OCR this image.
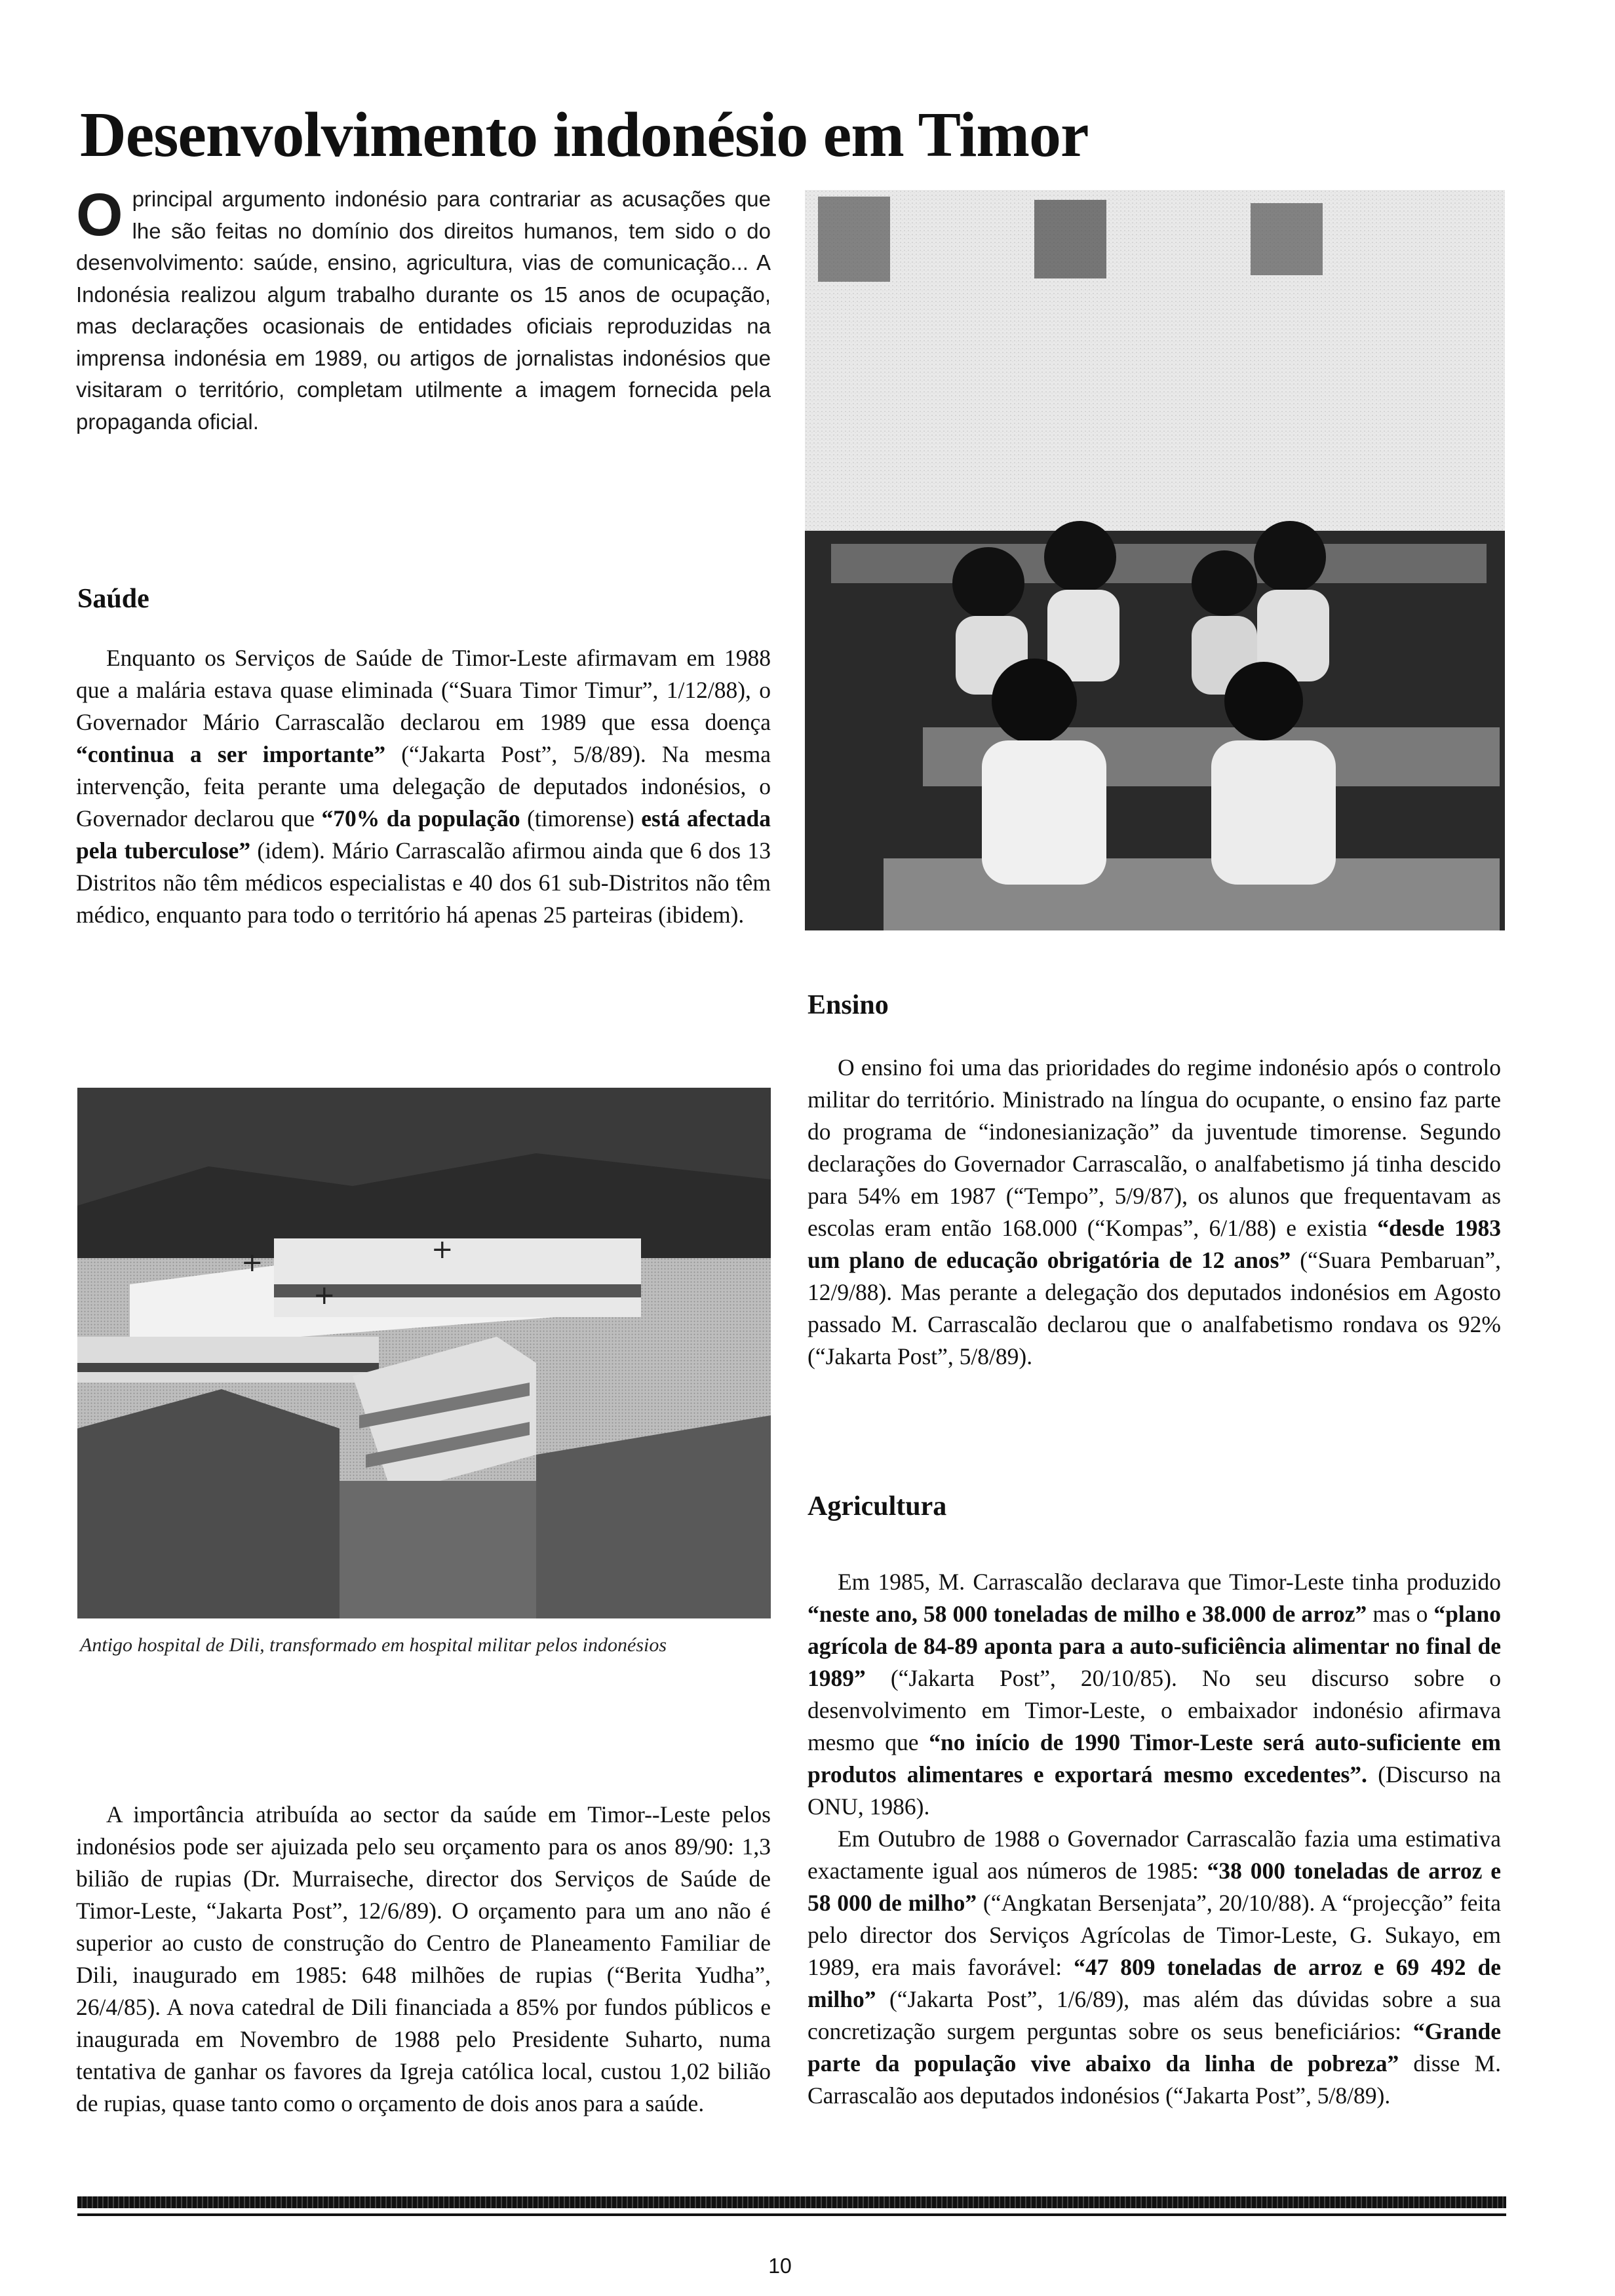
Desenvolvimento indonésio em Timor
Oprincipal argumento indonésio para contrariar as acusações que lhe são feitas no domínio dos direitos humanos, tem sido o do desenvolvimento: saúde, ensino, agricultura, vias de comunicação... A Indonésia realizou algum trabalho durante os 15 anos de ocupação, mas declarações ocasionais de entidades oficiais reproduzidas na imprensa indonésia em 1989, ou artigos de jornalistas indonésios que visitaram o território, completam utilmente a imagem fornecida pela propaganda oficial.
Saúde

Enquanto os Serviços de Saúde de Timor-Leste afirmavam em 1988 que a malária estava quase eliminada (“Suara Timor Timur”, 1/12/88), o Governador Mário Carrascalão declarou em 1989 que essa doença “continua a ser importante” (“Jakarta Post”, 5/8/89). Na mesma intervenção, feita perante uma delegação de deputados indonésios, o Governador declarou que “70% da população (timorense) está afectada pela tuberculose” (idem). Mário Carrascalão afirmou ainda que 6 dos 13 Distritos não têm médicos especialistas e 40 dos 61 sub-Distritos não têm médico, enquanto para todo o território há apenas 25 parteiras (ibidem).

Ensino

O ensino foi uma das prioridades do regime indonésio após o controlo militar do território. Ministrado na língua do ocupante, o ensino faz parte do programa de “indonesianização” da juventude timorense. Segundo declarações do Governador Carrascalão, o analfabetismo já tinha descido para 54% em 1987 (“Tempo”, 5/9/87), os alunos que frequentavam as escolas eram então 168.000 (“Kompas”, 6/1/88) e existia “desde 1983 um plano de educação obrigatória de 12 anos” (“Suara Pembaruan”, 12/9/88). Mas perante a delegação dos deputados indonésios em Agosto passado M. Carrascalão declarou que o analfabetismo rondava os 92% (“Jakarta Post”, 5/8/89).

+	+
+
Antigo hospital de Dili, transformado em hospital militar pelos indonésios

A importância atribuída ao sector da saúde em Timor--Leste pelos indonésios pode ser ajuizada pelo seu orçamento para os anos 89/90: 1,3 bilião de rupias (Dr. Murraiseche, director dos Serviços de Saúde de Timor-Leste, “Jakarta Post”, 12/6/89). O orçamento para um ano não é superior ao custo de construção do Centro de Planeamento Familiar de Dili, inaugurado em 1985: 648 milhões de rupias (“Berita Yudha”, 26/4/85). A nova catedral de Dili financiada a 85% por fundos públicos e inaugurada em Novembro de 1988 pelo Presidente Suharto, numa tentativa de ganhar os favores da Igreja católica local, custou 1,02 bilião de rupias, quase tanto como o orçamento de dois anos para a saúde.

Agricultura

Em 1985, M. Carrascalão declarava que Timor-Leste tinha produzido “neste ano, 58 000 toneladas de milho e 38.000 de arroz” mas o “plano agrícola de 84-89 aponta para a auto-suficiência alimentar no final de 1989” (“Jakarta Post”, 20/10/85). No seu discurso sobre o desenvolvimento em Timor-Leste, o embaixador indonésio afirmava mesmo que “no início de 1990 Timor-Leste será auto-suficiente em produtos alimentares e exportará mesmo excedentes”. (Discurso na ONU, 1986).

Em Outubro de 1988 o Governador Carrascalão fazia uma estimativa exactamente igual aos números de 1985: “38 000 toneladas de arroz e 58 000 de milho” (“Angkatan Bersenjata”, 20/10/88). A “projecção” feita pelo director dos Serviços Agrícolas de Timor-Leste, G. Sukayo, em 1989, era mais favorável: “47 809 toneladas de arroz e 69 492 de milho” (“Jakarta Post”, 1/6/89), mas além das dúvidas sobre a sua concretização surgem perguntas sobre os seus beneficiários: “Grande parte da população vive abaixo da linha de pobreza” disse M. Carrascalão aos deputados indonésios (“Jakarta Post”, 5/8/89).

10
